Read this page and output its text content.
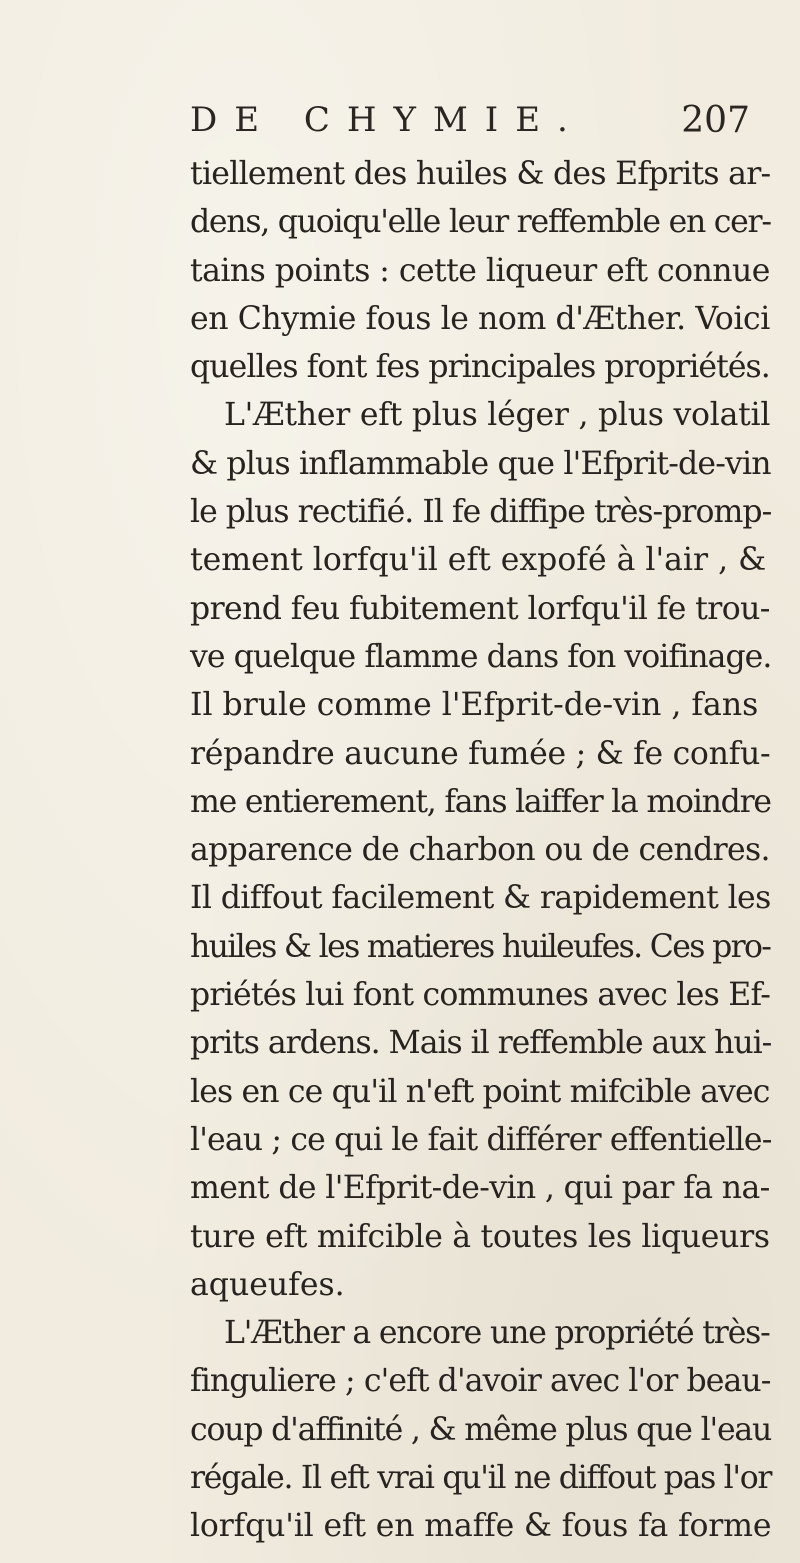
DE CHYMIE.	207
tiellement des huiles & des Efprits ar-
dens, quoiqu'elle leur reffemble en cer-
tains points : cette liqueur eft connue
en Chymie fous le nom d'Æther. Voici
quelles font fes principales propriétés.
L'Æther eft plus léger , plus volatil
& plus inflammable que l'Efprit-de-vin
le plus rectifié. Il fe diffipe très-promp-
tement lorfqu'il eft expofé à l'air , &
prend feu fubitement lorfqu'il fe trou-
ve quelque flamme dans fon voifinage.
Il brule comme l'Efprit-de-vin , fans
répandre aucune fumée ; & fe confu-
me entierement, fans laiffer la moindre
apparence de charbon ou de cendres.
Il diffout facilement & rapidement les
huiles & les matieres huileufes. Ces pro-
priétés lui font communes avec les Ef-
prits ardens. Mais il reffemble aux hui-
les en ce qu'il n'eft point mifcible avec
l'eau ; ce qui le fait différer effentielle-
ment de l'Efprit-de-vin , qui par fa na-
ture eft mifcible à toutes les liqueurs
aqueufes.
L'Æther a encore une propriété très-
finguliere ; c'eft d'avoir avec l'or beau-
coup d'affinité , & même plus que l'eau
régale. Il eft vrai qu'il ne diffout pas l'or
lorfqu'il eft en maffe & fous fa forme
